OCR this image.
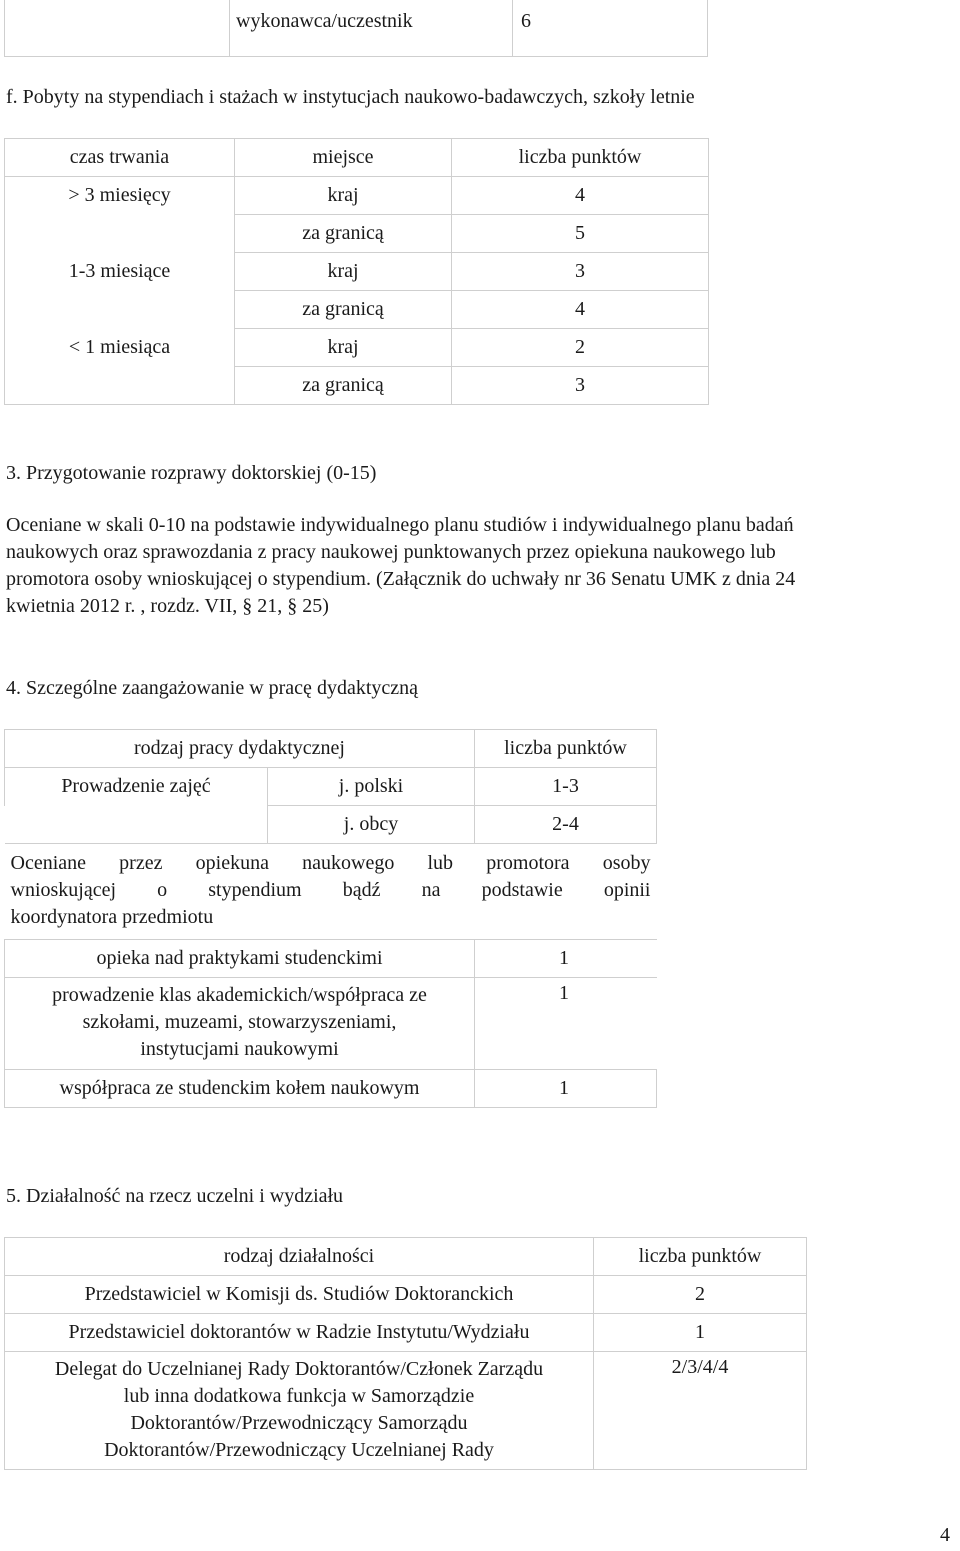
	wykonawca/uczestnik	6
f. Pobyty na stypendiach i stażach w instytucjach naukowo-badawczych, szkoły letnie
czas trwania	miejsce	liczba punktów
> 3 miesięcy	kraj	4
	za granicą	5
1-3 miesiące	kraj	3
	za granicą	4
< 1 miesiąca	kraj	2
	za granicą	3
3. Przygotowanie rozprawy doktorskiej (0-15)
Oceniane w skali 0-10 na podstawie indywidualnego planu studiów i indywidualnego planu badań
naukowych oraz sprawozdania z pracy naukowej punktowanych przez opiekuna naukowego lub
promotora osoby wnioskującej o stypendium. (Załącznik do uchwały nr 36 Senatu UMK z dnia 24
kwietnia 2012 r. , rozdz. VII, § 21, § 25)
4. Szczególne zaangażowanie w pracę dydaktyczną
rodzaj pracy dydaktycznej		liczba punktów
Prowadzenie zajęć	j. polski	1-3
	j. obcy	2-4

Oceniane przez opiekuna naukowego lub promotora osoby
wnioskującej o stypendium bądź na podstawie opinii
koordynatora przedmiotu		

opieka nad praktykami studenckimi		1

prowadzenie klas akademickich/współpraca ze
szkołami, muzeami, stowarzyszeniami,
instytucjami naukowymi		1
współpraca ze studenckim kołem naukowym		1
5. Działalność na rzecz uczelni i wydziału
rodzaj działalności	liczba punktów
Przedstawiciel w Komisji ds. Studiów Doktoranckich	2
Przedstawiciel doktorantów w Radzie Instytutu/Wydziału	1

Delegat do Uczelnianej Rady Doktorantów/Członek Zarządu
lub inna dodatkowa funkcja w Samorządzie
Doktorantów/Przewodniczący Samorządu
Doktorantów/Przewodniczący Uczelnianej Rady	2/3/4/4
4
